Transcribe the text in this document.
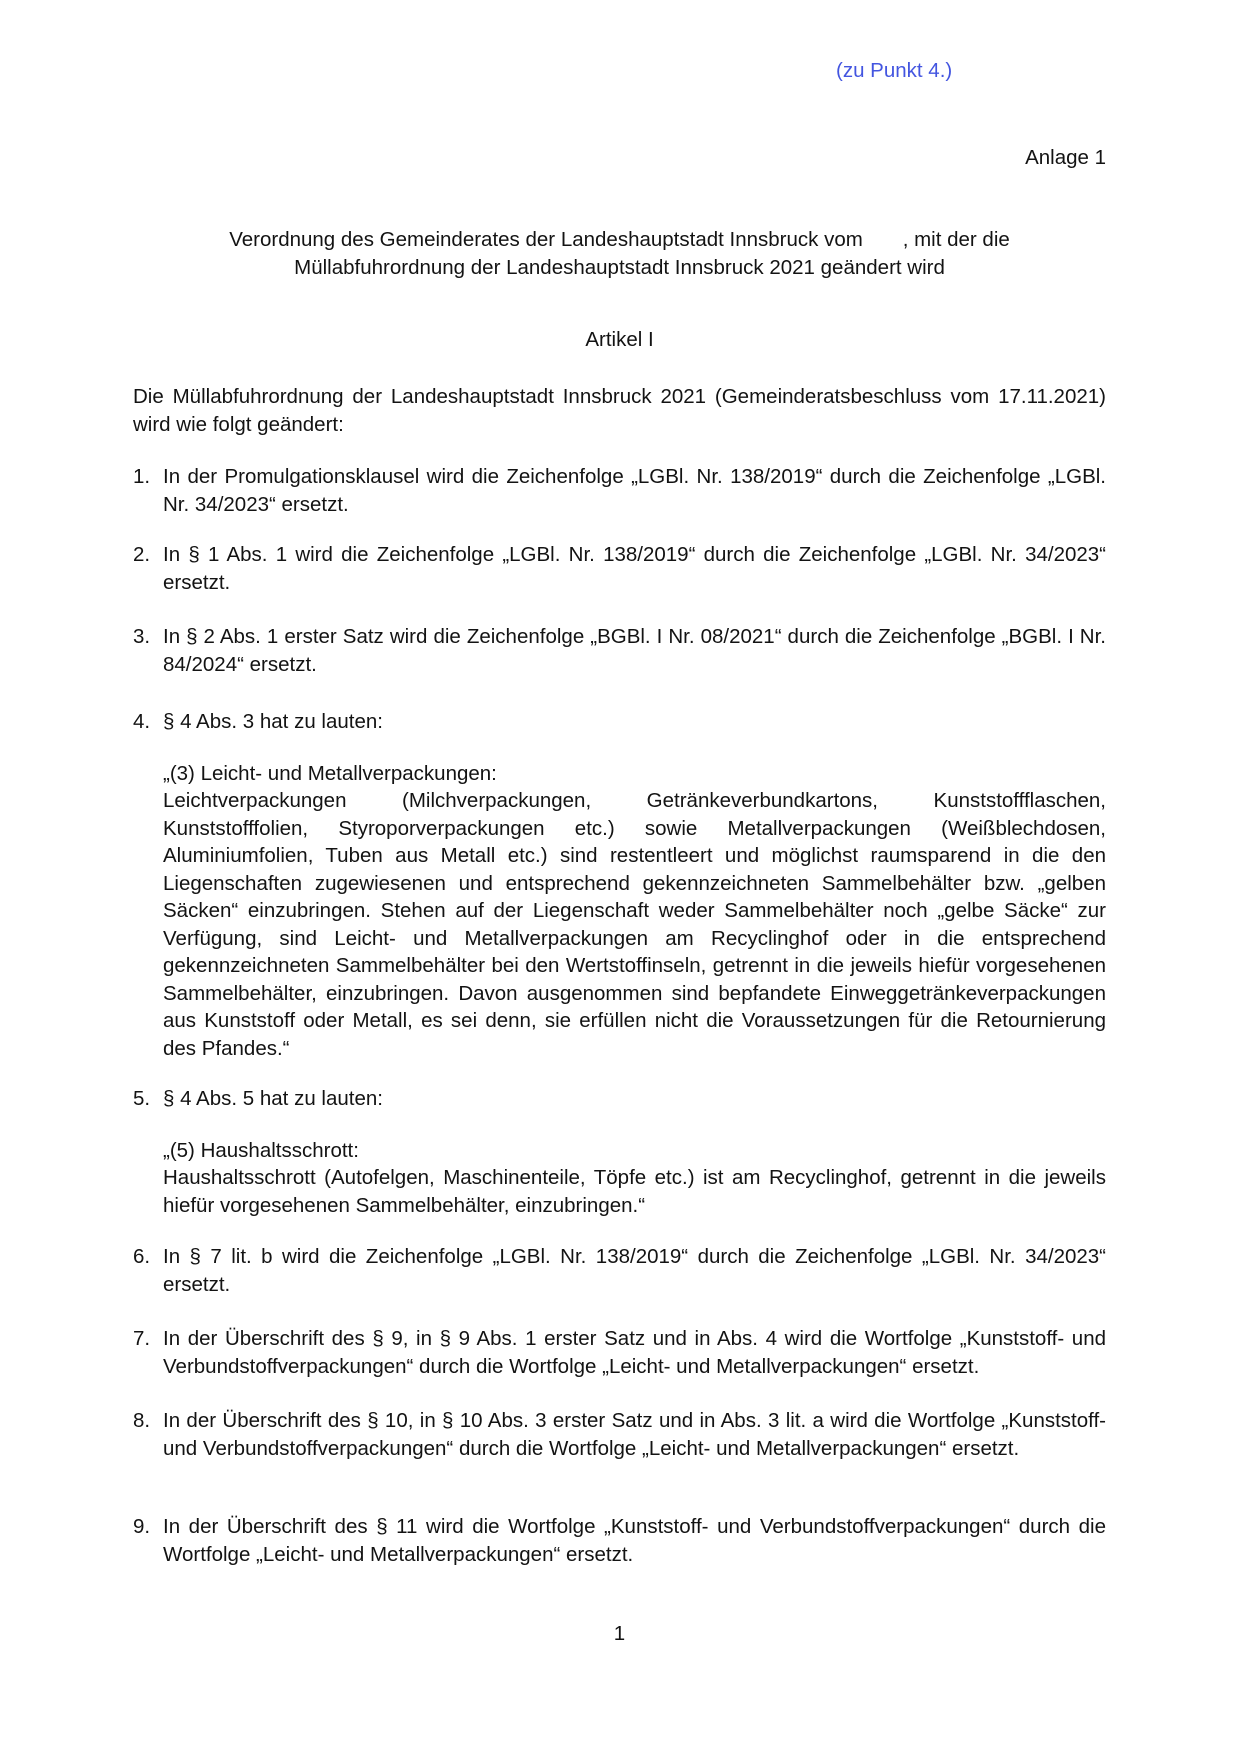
(zu Punkt 4.)
Anlage 1
Verordnung des Gemeinderates der Landeshauptstadt Innsbruck vom       , mit der die
Müllabfuhrordnung der Landeshauptstadt Innsbruck 2021 geändert wird
Artikel I
Die Müllabfuhrordnung der Landeshauptstadt Innsbruck 2021 (Gemeinderatsbeschluss vom 17.11.2021) wird wie folgt geändert:
1. In der Promulgationsklausel wird die Zeichenfolge „LGBl. Nr. 138/2019“ durch die Zeichenfolge „LGBl. Nr. 34/2023“ ersetzt.
2. In § 1 Abs. 1 wird die Zeichenfolge „LGBl. Nr. 138/2019“ durch die Zeichenfolge „LGBl. Nr. 34/2023“ ersetzt.
3. In § 2 Abs. 1 erster Satz wird die Zeichenfolge „BGBl. I Nr. 08/2021“ durch die Zeichenfolge „BGBl. I Nr. 84/2024“ ersetzt.
4. § 4 Abs. 3 hat zu lauten:
„(3) Leicht- und Metallverpackungen:
Leichtverpackungen (Milchverpackungen, Getränkeverbundkartons, Kunststoffflaschen, Kunststofffolien, Styroporverpackungen etc.) sowie Metallverpackungen (Weißblechdosen, Aluminiumfolien, Tuben aus Metall etc.) sind restentleert und möglichst raumsparend in die den Liegenschaften zugewiesenen und entsprechend gekennzeichneten Sammelbehälter bzw. „gelben Säcken“ einzubringen. Stehen auf der Liegenschaft weder Sammelbehälter noch „gelbe Säcke“ zur Verfügung, sind Leicht- und Metallverpackungen am Recyclinghof oder in die entsprechend gekennzeichneten Sammelbehälter bei den Wertstoffinseln, getrennt in die jeweils hiefür vorgesehenen Sammelbehälter, einzubringen. Davon ausgenommen sind bepfandete Einweggetränkeverpackungen aus Kunststoff oder Metall, es sei denn, sie erfüllen nicht die Voraussetzungen für die Retournierung des Pfandes.“
5. § 4 Abs. 5 hat zu lauten:
„(5) Haushaltsschrott:
Haushaltsschrott (Autofelgen, Maschinenteile, Töpfe etc.) ist am Recyclinghof, getrennt in die jeweils hiefür vorgesehenen Sammelbehälter, einzubringen.“
6. In § 7 lit. b wird die Zeichenfolge „LGBl. Nr. 138/2019“ durch die Zeichenfolge „LGBl. Nr. 34/2023“ ersetzt.
7. In der Überschrift des § 9, in § 9 Abs. 1 erster Satz und in Abs. 4 wird die Wortfolge „Kunststoff- und Verbundstoffverpackungen“ durch die Wortfolge „Leicht- und Metallverpackungen“ ersetzt.
8. In der Überschrift des § 10, in § 10 Abs. 3 erster Satz und in Abs. 3 lit. a wird die Wortfolge „Kunststoff- und Verbundstoffverpackungen“ durch die Wortfolge „Leicht- und Metallverpackungen“ ersetzt.
9. In der Überschrift des § 11 wird die Wortfolge „Kunststoff- und Verbundstoffverpackungen“ durch die Wortfolge „Leicht- und Metallverpackungen“ ersetzt.
1
